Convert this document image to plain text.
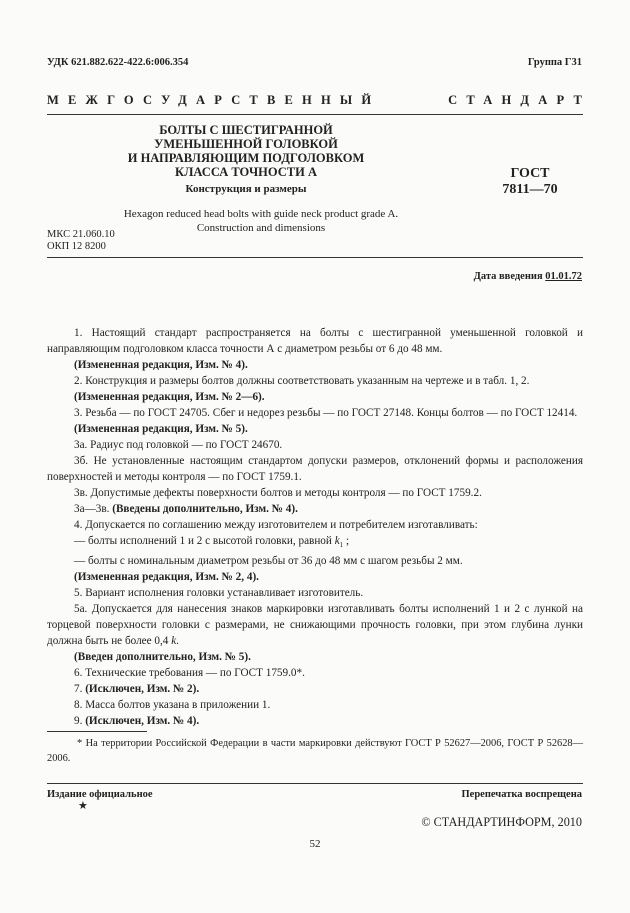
УДК 621.882.622-422.6:006.354	Группа Г31
МЕЖГОСУДАРСТВЕННЫЙ	СТАНДАРТ
БОЛТЫ С ШЕСТИГРАННОЙ
УМЕНЬШЕННОЙ ГОЛОВКОЙ
И НАПРАВЛЯЮЩИМ ПОДГОЛОВКОМ
КЛАССА ТОЧНОСТИ А
Конструкция и размеры
ГОСТ
7811—70
Hexagon reduced head bolts with guide neck product grade A.
Construction and dimensions
МКС 21.060.10
ОКП 12 8200
Дата введения 01.01.72

1. Настоящий стандарт распространяется на болты с шестигранной уменьшенной головкой и направляющим подголовком класса точности А с диаметром резьбы от 6 до 48 мм.

(Измененная редакция, Изм. № 4).

2. Конструкция и размеры болтов должны соответствовать указанным на чертеже и в табл. 1, 2.

(Измененная редакция, Изм. № 2—6).

3. Резьба — по ГОСТ 24705. Сбег и недорез резьбы — по ГОСТ 27148. Концы болтов — по ГОСТ 12414.

(Измененная редакция, Изм. № 5).

3а. Радиус под головкой — по ГОСТ 24670.

3б. Не установленные настоящим стандартом допуски размеров, отклонений формы и расположения поверхностей и методы контроля — по ГОСТ 1759.1.

3в. Допустимые дефекты поверхности болтов и методы контроля — по ГОСТ 1759.2.

3а—3в. (Введены дополнительно, Изм. № 4).

4. Допускается по соглашению между изготовителем и потребителем изготавливать:

— болты исполнений 1 и 2 с высотой головки, равной $k_1$ ;

— болты с номинальным диаметром резьбы от 36 до 48 мм с шагом резьбы 2 мм.

(Измененная редакция, Изм. № 2, 4).

5. Вариант исполнения головки устанавливает изготовитель.

5а. Допускается для нанесения знаков маркировки изготавливать болты исполнений 1 и 2 с лункой на торцевой поверхности головки с размерами, не снижающими прочность головки, при этом глубина лунки должна быть не более 0,4 k.

(Введен дополнительно, Изм. № 5).

6. Технические требования — по ГОСТ 1759.0*.

7. (Исключен, Изм. № 2).

8. Масса болтов указана в приложении 1.

9. (Исключен, Изм. № 4).

* На территории Российской Федерации в части маркировки действуют ГОСТ Р 52627—2006, ГОСТ Р 52628—2006.
Издание официальное
★
Перепечатка воспрещена
© СТАНДАРТИНФОРМ, 2010
52
